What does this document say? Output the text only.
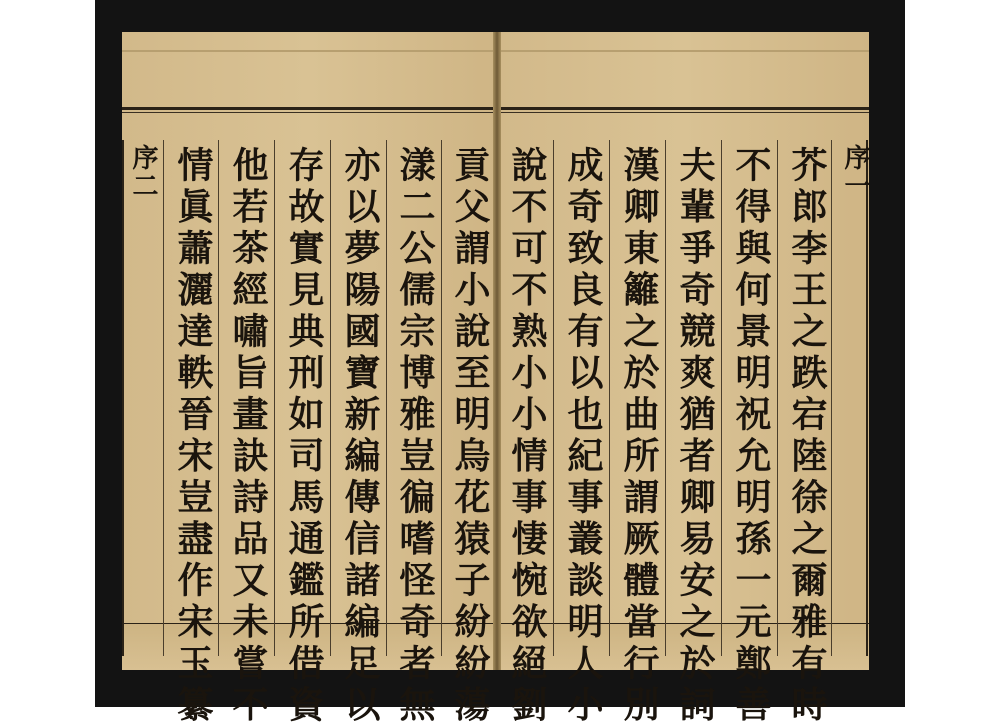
序二 情眞蕭灑達軼晉宋豈盡作宋玉纂 他若茶經嘯旨畫訣詩品又未嘗不 存故實見典刑如司馬通鑑所借資 亦以夢陽國寶新編傳信諸編足以 漾二公儒宗博雅豈徧嗜怪奇者無 貢父謂小說至明烏花猿子紛紛蕩 說不可不熟小小情事悽惋欲絕劉 成奇致良有以也紀事叢談明人小 漢卿東籬之於曲所謂厥體當行別 夫輩爭奇競爽猶者卿易安之於詞 不得與何景明祝允明孫一元鄭善 芥郎李王之跌宕陸徐之爾雅有時 序一
